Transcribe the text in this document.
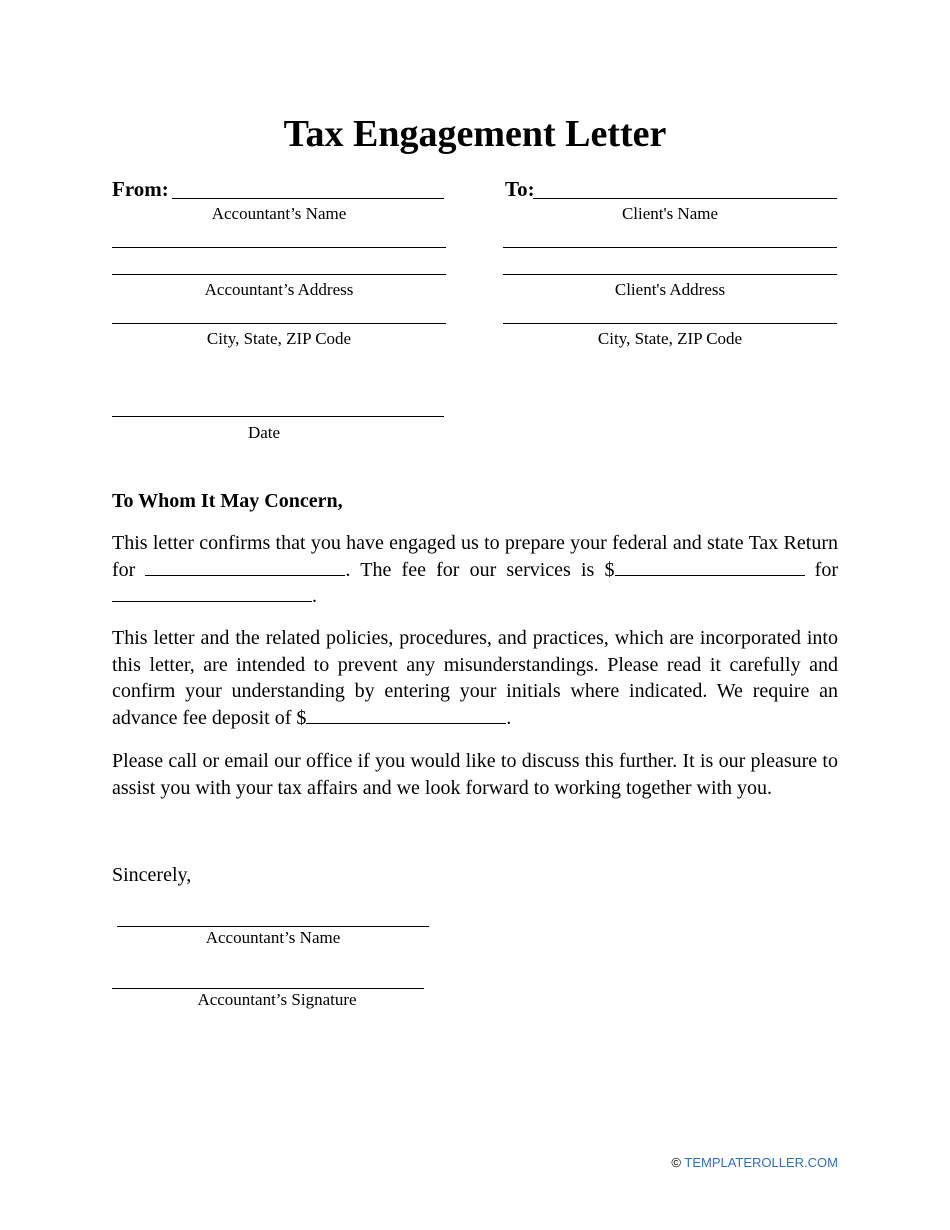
Tax Engagement Letter
From:
Accountant’s Name
Accountant’s Address
City, State, ZIP Code
Date
To:
Client's Name
Client's Address
City, State, ZIP Code
To Whom It May Concern,
This letter confirms that you have engaged us to prepare your federal and state Tax Return for	. The fee for our services is $	for .
This letter and the related policies, procedures, and practices, which are incorporated into this letter, are intended to prevent any misunderstandings. Please read it carefully and confirm your understanding by entering your initials where indicated. We require an advance fee deposit of $	.
Please call or email our office if you would like to discuss this further. It is our pleasure to assist you with your tax affairs and we look forward to working together with you.
Sincerely,
Accountant’s Name
Accountant’s Signature
© TEMPLATEROLLER.COM
